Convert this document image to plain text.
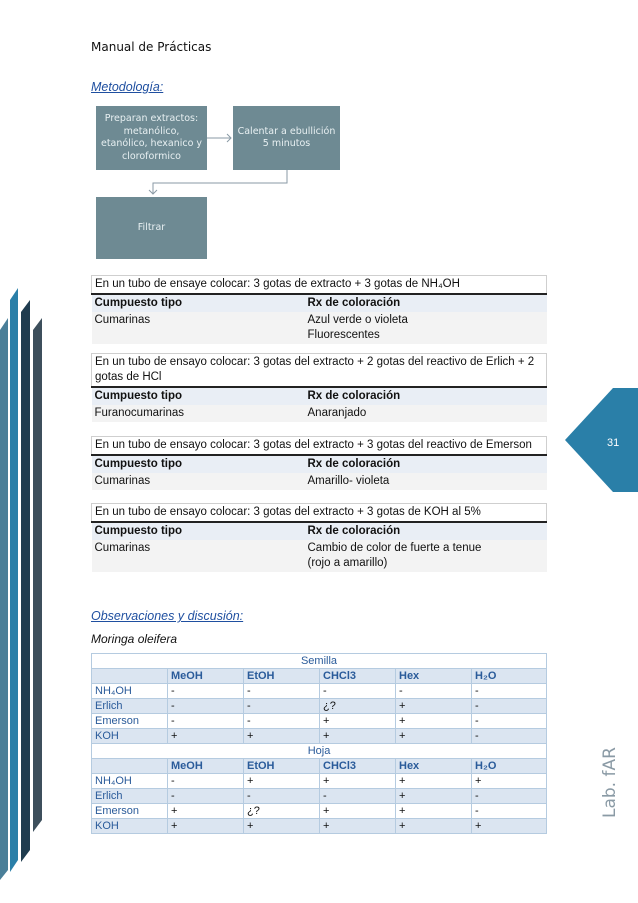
31
Manual de Prácticas
Metodología:
Preparan extractos: metanólico, etanólico, hexanico y cloroformico
Calentar a ebullición 5 minutos
Filtrar
En un tubo de ensaye colocar: 3 gotas de extracto + 3 gotas de NH₄OH	
Cumpuesto tipo	Rx de coloración
Cumarinas	Azul verde o violeta
Fluorescentes
En un tubo de ensayo colocar: 3 gotas del extracto + 2 gotas del reactivo de Erlich + 2 gotas de HCl	
Cumpuesto tipo	Rx de coloración
Furanocumarinas	Anaranjado
En un tubo de ensayo colocar: 3 gotas del extracto + 3 gotas del reactivo de Emerson	
Cumpuesto tipo	Rx de coloración
Cumarinas	Amarillo- violeta
En un tubo de ensayo colocar: 3 gotas del extracto + 3 gotas de KOH al 5%	
Cumpuesto tipo	Rx de coloración
Cumarinas	Cambio de color de fuerte a tenue
(rojo a amarillo)
Observaciones y discusión:
Moringa oleifera
Semilla					
	MeOH	EtOH	CHCl3	Hex	H₂O
NH₄OH	-	-	-	-	-
Erlich	-	-	¿?	+	-
Emerson	-	-	+	+	-
KOH	+	+	+	+	-
Hoja					
	MeOH	EtOH	CHCl3	Hex	H₂O
NH₄OH	-	+	+	+	+
Erlich	-	-	-	+	-
Emerson	+	¿?	+	+	-
KOH	+	+	+	+	+
Lab. fAR
